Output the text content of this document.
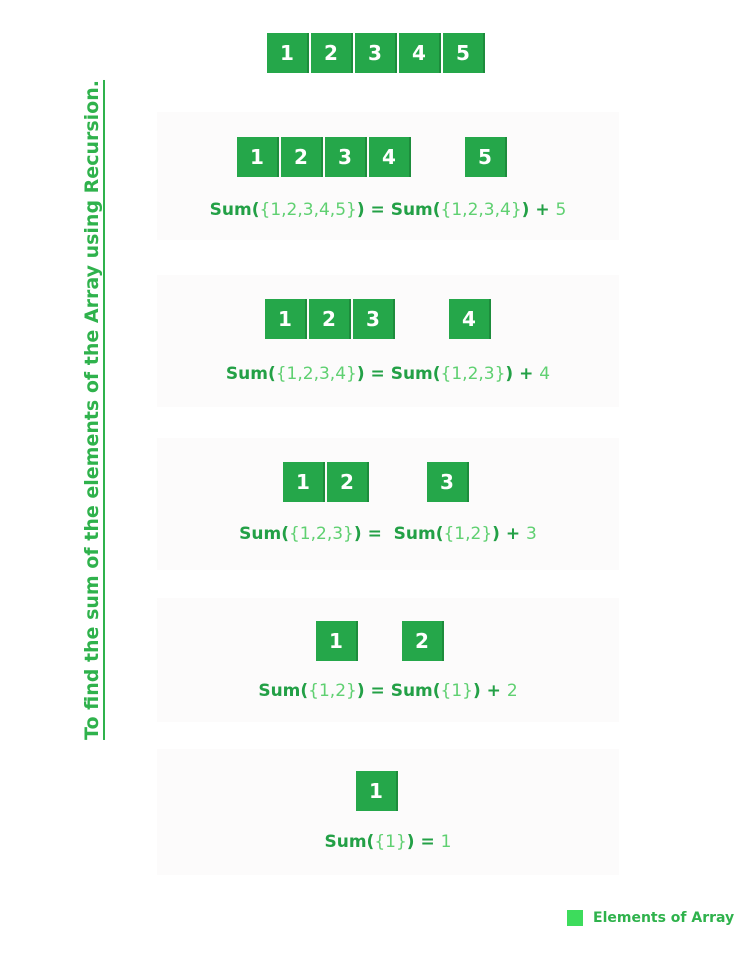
To find the sum of the elements of the Array using Recursion.
1	2	3	4	5
1	2	3	4	5
Sum({1,2,3,4,5}) = Sum({1,2,3,4}) + 5
1	2	3	4
Sum({1,2,3,4}) = Sum({1,2,3}) + 4
1	2	3
Sum({1,2,3}) =  Sum({1,2}) + 3
1	2
Sum({1,2}) = Sum({1}) + 2
1
Sum({1}) = 1
Elements of Array
